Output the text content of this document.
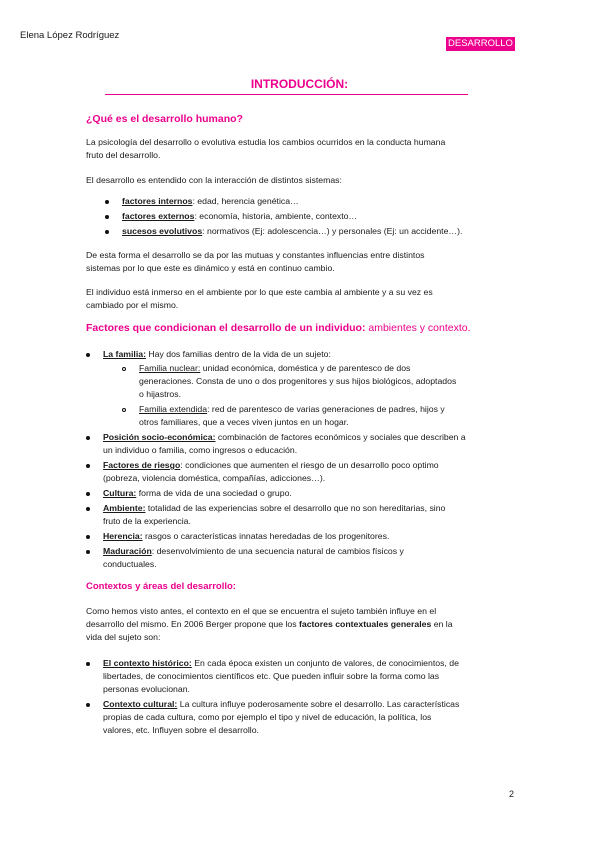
Elena López Rodríguez
DESARROLLO
INTRODUCCIÓN:
¿Qué es el desarrollo humano?
La psicología del desarrollo o evolutiva estudia los cambios ocurridos en la conducta humana
fruto del desarrollo.
El desarrollo es entendido con la interacción de distintos sistemas:
factores internos: edad, herencia genética…
factores externos: economía, historia, ambiente, contexto…
sucesos evolutivos: normativos (Ej: adolescencia…) y personales (Ej: un accidente…).
De esta forma el desarrollo se da por las mutuas y constantes influencias entre distintos
sistemas por lo que este es dinámico y está en continuo cambio.
El individuo está inmerso en el ambiente por lo que este cambia al ambiente y a su vez es
cambiado por el mismo.
Factores que condicionan el desarrollo de un individuo: ambientes y contexto.
La familia: Hay dos familias dentro de la vida de un sujeto:
Familia nuclear: unidad económica, doméstica y de parentesco de dos
generaciones. Consta de uno o dos progenitores y sus hijos biológicos, adoptados
o hijastros.
Familia extendida: red de parentesco de varias generaciones de padres, hijos y
otros familiares, que a veces viven juntos en un hogar.
Posición socio-económica: combinación de factores económicos y sociales que describen a
un individuo o familia, como ingresos o educación.
Factores de riesgo: condiciones que aumenten el riesgo de un desarrollo poco optimo
(pobreza, violencia doméstica, compañías, adicciones…).
Cultura: forma de vida de una sociedad o grupo.
Ambiente: totalidad de las experiencias sobre el desarrollo que no son hereditarias, sino
fruto de la experiencia.
Herencia: rasgos o características innatas heredadas de los progenitores.
Maduración: desenvolvimiento de una secuencia natural de cambios físicos y
conductuales.
Contextos y áreas del desarrollo:
Como hemos visto antes, el contexto en el que se encuentra el sujeto también influye en el
desarrollo del mismo. En 2006 Berger propone que los factores contextuales generales en la
vida del sujeto son:
El contexto histórico: En cada época existen un conjunto de valores, de conocimientos, de
libertades, de conocimientos científicos etc. Que pueden influir sobre la forma como las
personas evolucionan.
Contexto cultural: La cultura influye poderosamente sobre el desarrollo. Las características
propias de cada cultura, como por ejemplo el tipo y nivel de educación, la política, los
valores, etc. Influyen sobre el desarrollo.
2
